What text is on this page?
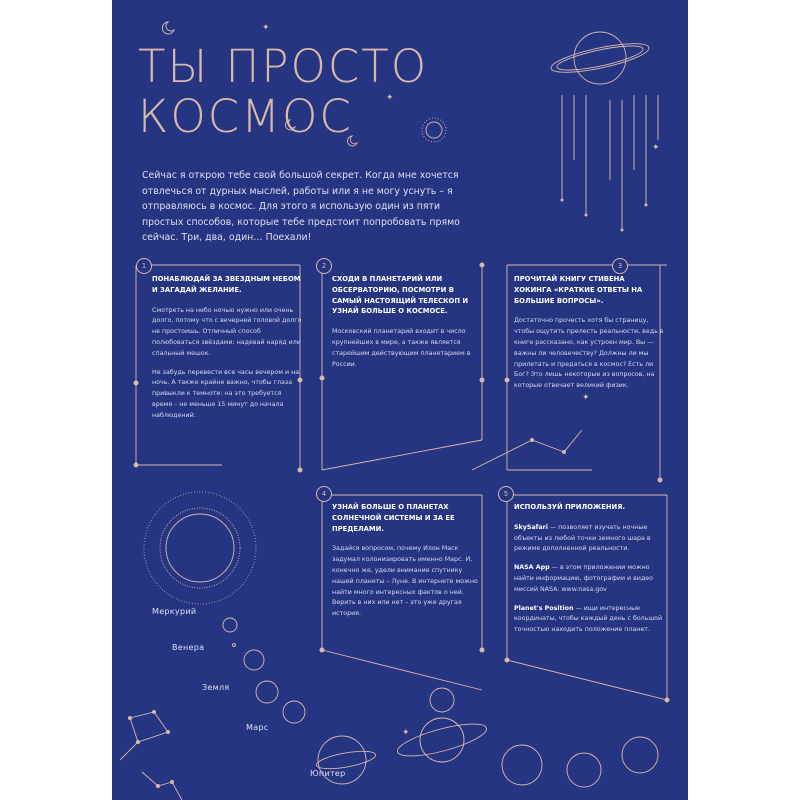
✦
✦
✦
✦
✦
ТЫ ПРОСТО
КОСМОС

Сейчас я открою тебе свой большой секрет. Когда мне хочется отвлечься от дурных мыслей, работы или я не могу уснуть – я отправляюсь в космос. Для этого я использую один из пяти простых способов, которые тебе предстоит попробовать прямо сейчас. Три, два, один… Поехали!

1
ПОНАБЛЮДАЙ ЗА ЗВЕЗДНЫМ НЕБОМ И ЗАГАДАЙ ЖЕЛАНИЕ.

Смотреть на небо ночью нужно или очень долго, потому что с вечерней головой долго не простоишь. Отличный способ полюбоваться звёздами: надевай наряд или спальный мешок.

Не забудь перевести все часы вечером и на ночь. А также крайне важно, чтобы глаза привыкли к темноте: на это требуется время – не меньше 15 минут до начала наблюдений.

2
СХОДИ В ПЛАНЕТАРИЙ ИЛИ ОБСЕРВАТОРИЮ, ПОСМОТРИ В САМЫЙ НАСТОЯЩИЙ ТЕЛЕСКОП И УЗНАЙ БОЛЬШЕ О КОСМОСЕ.

Московский планетарий входит в число крупнейших в мире, а также является старейшим действующим планетарием в России.

3
ПРОЧИТАЙ КНИГУ СТИВЕНА ХОКИНГА «КРАТКИЕ ОТВЕТЫ НА БОЛЬШИЕ ВОПРОСЫ».

Достаточно прочесть хотя бы страницу, чтобы ощутить прелесть реальности, ведь в книге рассказано, как устроен мир. Вы — важны ли человечеству? Должны ли мы прилетать и предаться в космос? Есть ли Бог? Это лишь некоторые из вопросов, на которые отвечает великий физик.

4
УЗНАЙ БОЛЬШЕ О ПЛАНЕТАХ СОЛНЕЧНОЙ СИСТЕМЫ И ЗА ЕЕ ПРЕДЕЛАМИ.

Задайся вопросом, почему Илон Маск задумал колонизировать именно Марс. И, конечно же, удели внимание спутнику нашей планеты – Луне. В интернете можно найти много интересных фактов о ней. Верить в них или нет – это уже другая история.

5
ИСПОЛЬЗУЙ ПРИЛОЖЕНИЯ.

SkySafari — позволяет изучать ночные объекты из любой точки земного шара в режиме дополненной реальности.

NASA App — в этом приложении можно найти информацию, фотографии и видео миссий NASA: www.nasa.gov

Planet's Position — ищи интересные координаты, чтобы каждый день с большой точностью находить положение планет.

Меркурий
Венера
Земля
Марс
Юпитер
